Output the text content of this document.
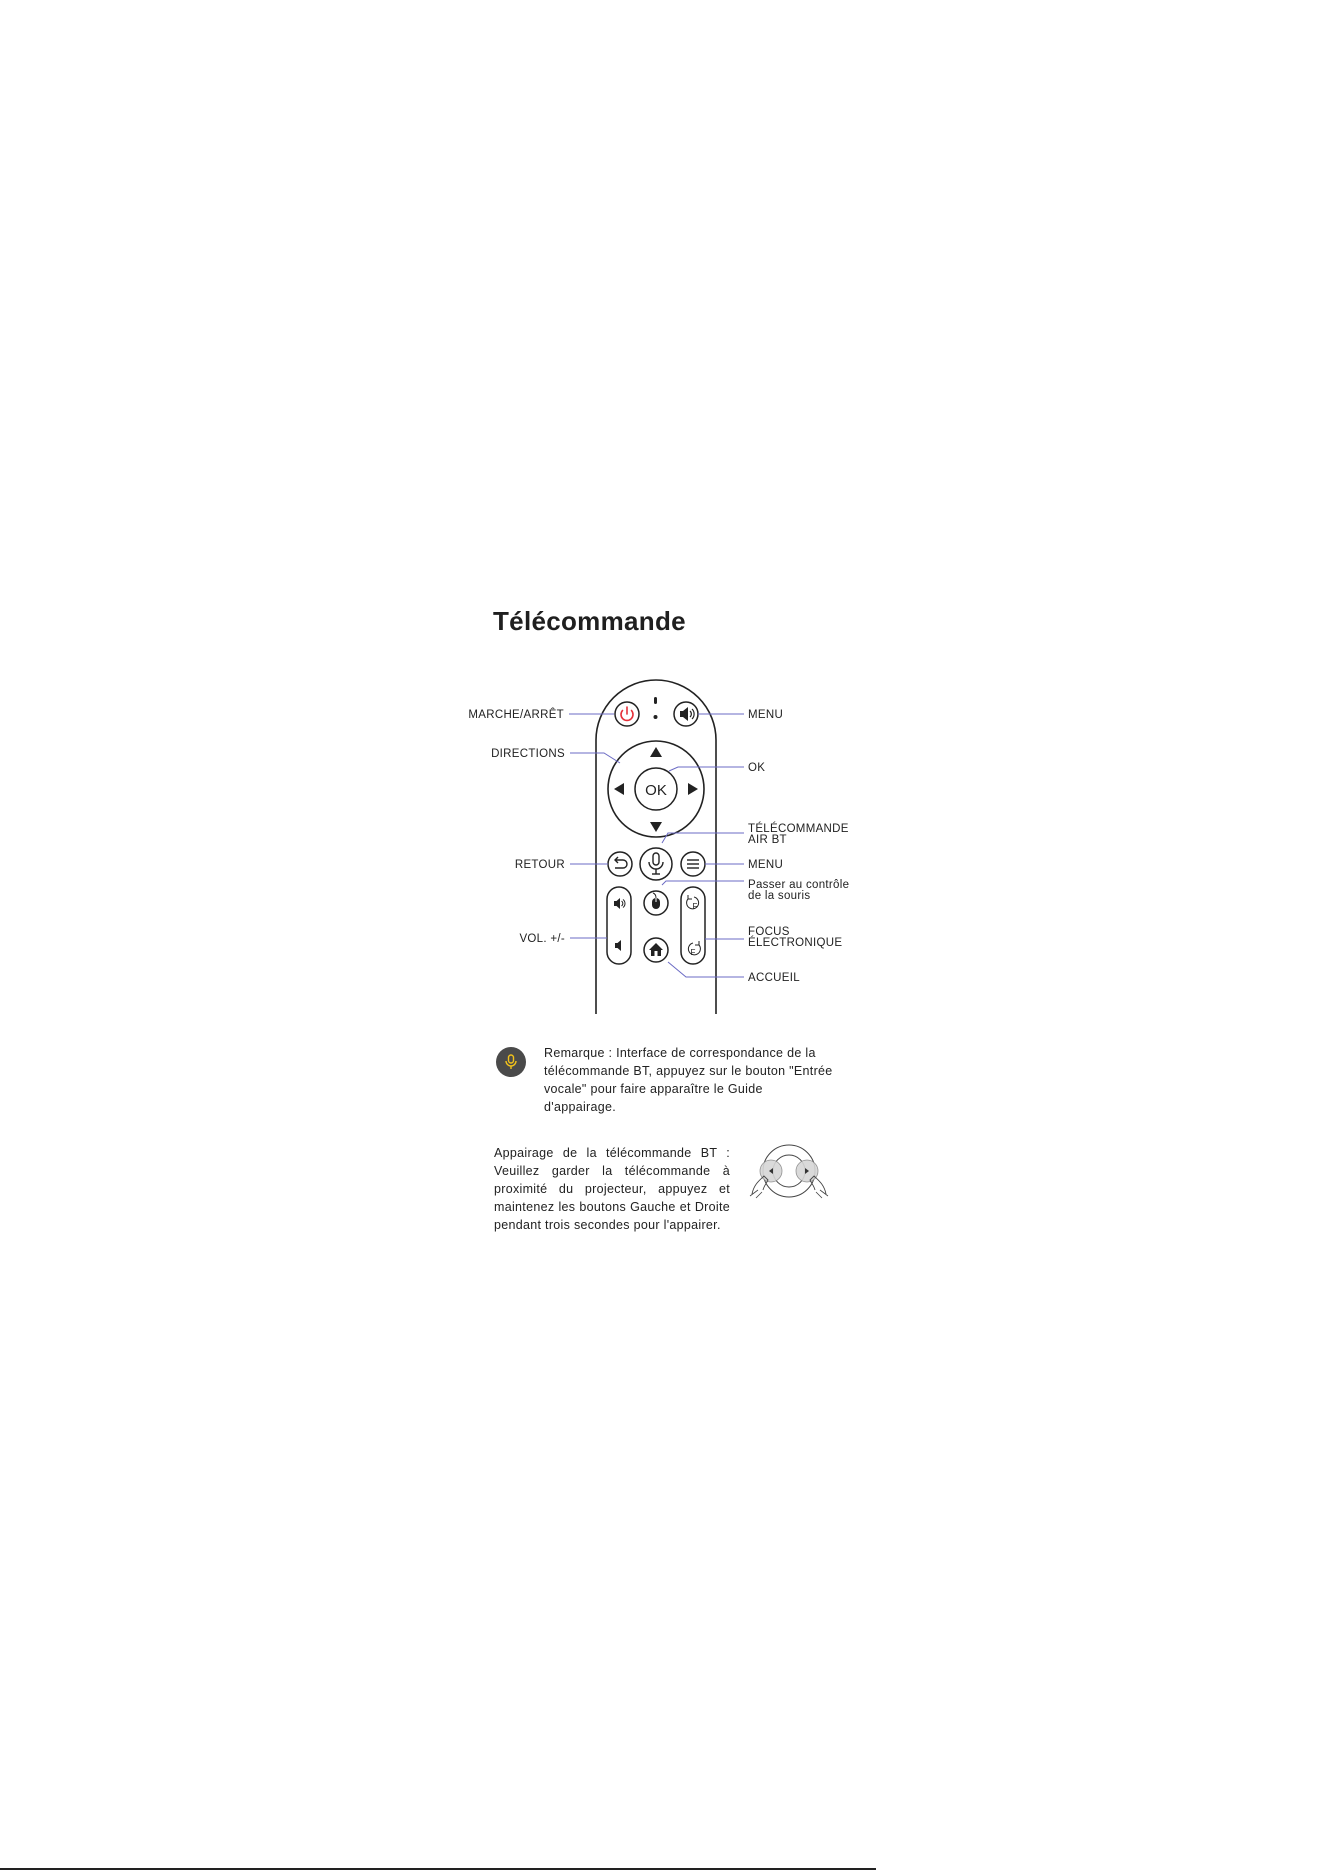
Télécommande
OK
F
F
MARCHE/ARRÊT	MENU
DIRECTIONS
OK
TÉLÉCOMMANDE
AIR BT
RETOUR	MENU
Passer au contrôle
de la souris
VOL. +/-
FOCUS
ÉLECTRONIQUE
ACCUEIL
Remarque : Interface de correspondance de la télécommande BT, appuyez sur le bouton "Entrée vocale" pour faire apparaître le Guide d'appairage.
Appairage de la télécommande BT : Veuillez garder la télécommande à proximité du projecteur, appuyez et maintenez les boutons Gauche et Droite pendant trois secondes pour l'appairer.
